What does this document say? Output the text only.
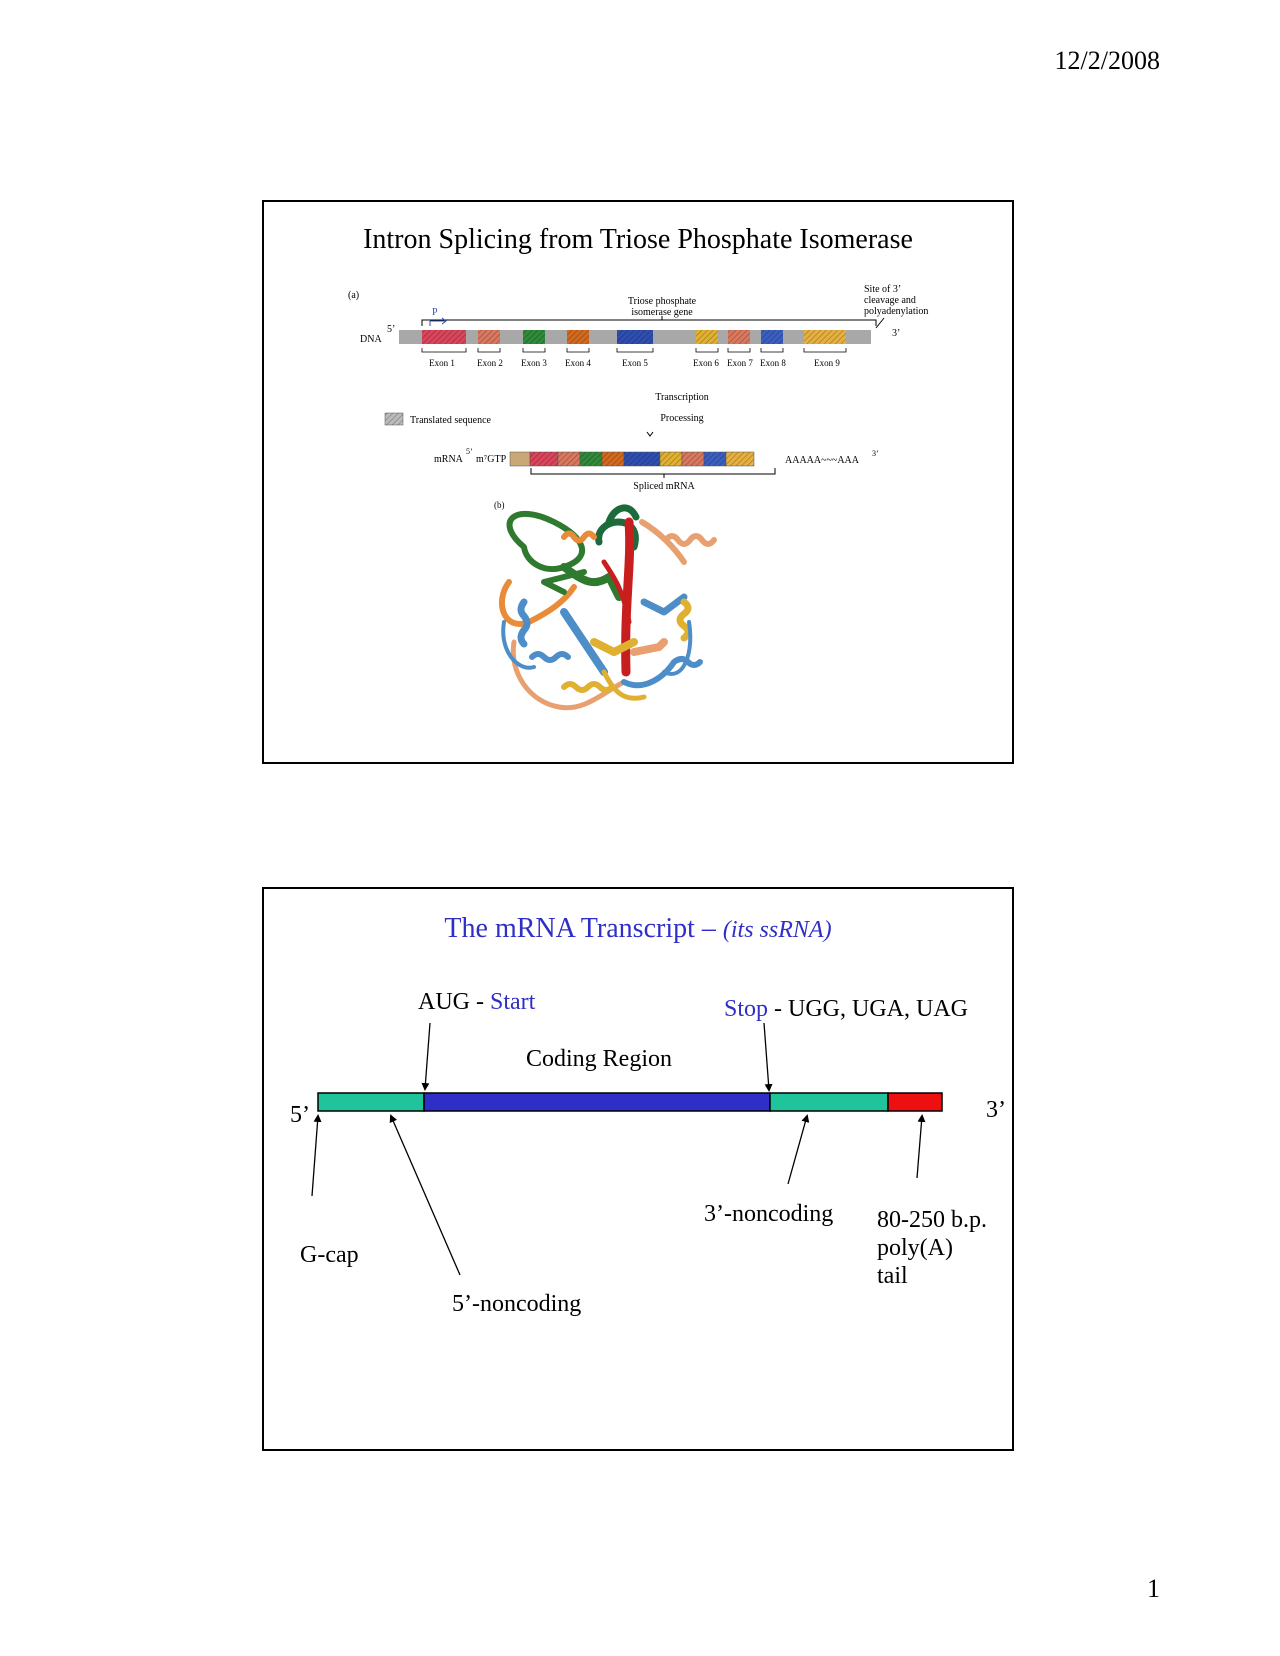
12/2/2008
Intron Splicing from Triose Phosphate Isomerase
(a)
Triose phosphate
isomerase gene
Site of 3’
cleavage and
polyadenylation
P
DNA
5’	3’
Exon 1 Exon 2 Exon 3 Exon 4	Exon 5	Exon 6 Exon 7 Exon 8	Exon 9
Translated sequence
Transcription
Processing
mRNA
5’
m⁷GTP	AAAAA~~~AAA
3’
Spliced mRNA
(b)
The mRNA Transcript – (its ssRNA)
AUG - Start	Stop - UGG, UGA, UAG
Coding Region
5’	3’
3’-noncoding 80-250 b.p.
poly(A)
tail
G-cap
5’-noncoding
1
